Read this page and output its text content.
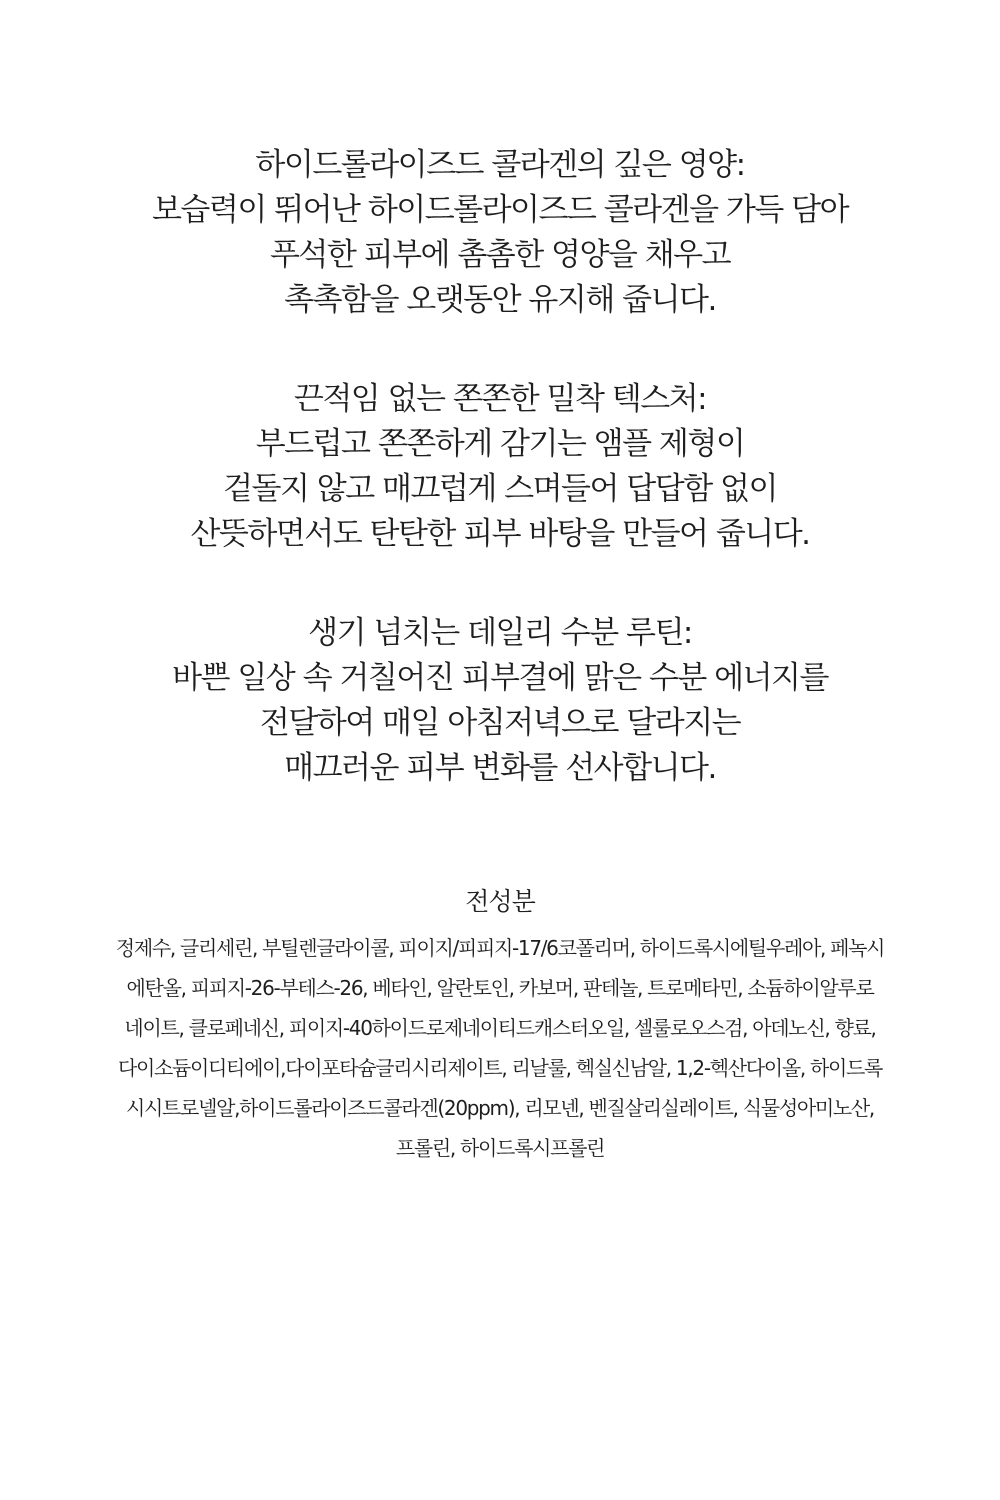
하이드롤라이즈드 콜라겐의 깊은 영양:
보습력이 뛰어난 하이드롤라이즈드 콜라겐을 가득 담아
푸석한 피부에 촘촘한 영양을 채우고
촉촉함을 오랫동안 유지해 줍니다.
끈적임 없는 쫀쫀한 밀착 텍스처:
부드럽고 쫀쫀하게 감기는 앰플 제형이
겉돌지 않고 매끄럽게 스며들어 답답함 없이
산뜻하면서도 탄탄한 피부 바탕을 만들어 줍니다.
생기 넘치는 데일리 수분 루틴:
바쁜 일상 속 거칠어진 피부결에 맑은 수분 에너지를
전달하여 매일 아침저녁으로 달라지는
매끄러운 피부 변화를 선사합니다.
전성분
정제수, 글리세린, 부틸렌글라이콜, 피이지/피피지-17/6코폴리머, 하이드록시에틸우레아, 페녹시
에탄올, 피피지-26-부테스-26, 베타인, 알란토인, 카보머, 판테놀, 트로메타민, 소듐하이알루로
네이트, 클로페네신, 피이지-40하이드로제네이티드캐스터오일, 셀룰로오스검, 아데노신, 향료,
다이소듐이디티에이,다이포타슘글리시리제이트, 리날룰, 헥실신남알, 1,2-헥산다이올, 하이드록
시시트로넬알,하이드롤라이즈드콜라겐(20ppm), 리모넨, 벤질살리실레이트, 식물성아미노산,
프롤린, 하이드록시프롤린
